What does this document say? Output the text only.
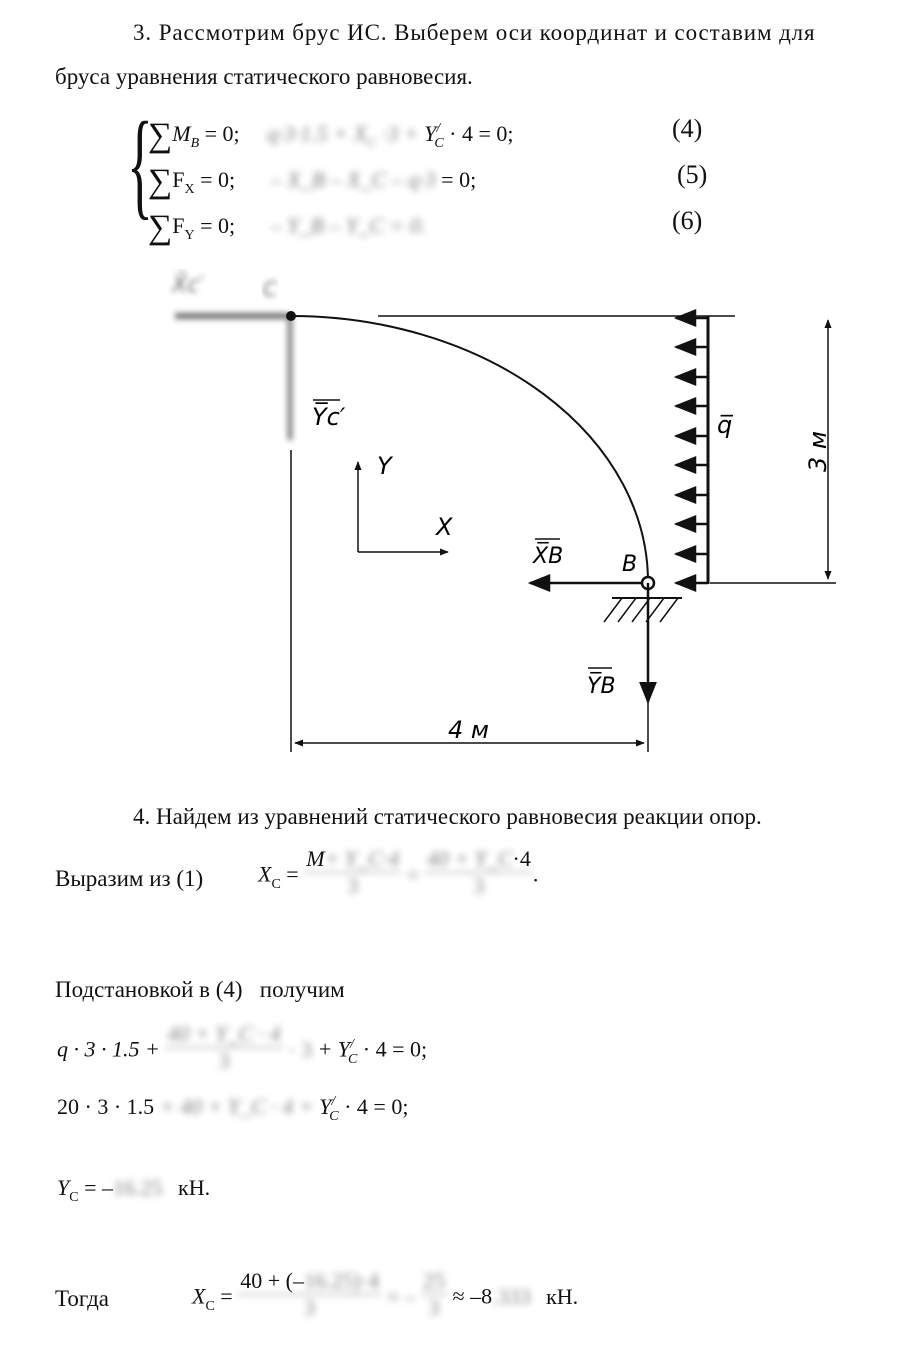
3. Рассмотрим брус ИС. Выберем оси координат и составим для
бруса уравнения статического равновесия.
{
$\sum M_B = 0$; $q\cdot 3\cdot 1.5 + X_C \cdot 3 + Y^/_C \cdot 4 = 0$;	(4)
$\sum F_X = 0$; – X_B – X_C – q·3 = 0;	(5)
$\sum F_Y = 0$; – Y_B – Y_C = 0.	(6)
X̄c′	C
Y̅c′	q̅
3 м
Y
X
X̅B	B
Y̅B
4 м
4. Найдем из уравнений статического равновесия реакции опор.
Выразим из (1) $X_C = \frac{M+ Y\_C\cdot 4}{3} = \frac{40 + Y\_C\cdot 4}{3}$ .
Подстановкой в (4)   получим
$q \cdot 3 \cdot 1.5 + \frac{40 + Y\_C \cdot 4}{3} \cdot 3 + Y^/_C \cdot 4 = 0$;
20 · 3 · 1.5 + 40 + Y_C · $4 + Y^/_C \cdot 4 = 0$;
$Y_C = -16.25$ кН.
Тогда	$X_C = \frac{40 + (-16.25)\cdot 4}{3}$ = – $\frac{25}{3} \approx -8.333$ кН.
